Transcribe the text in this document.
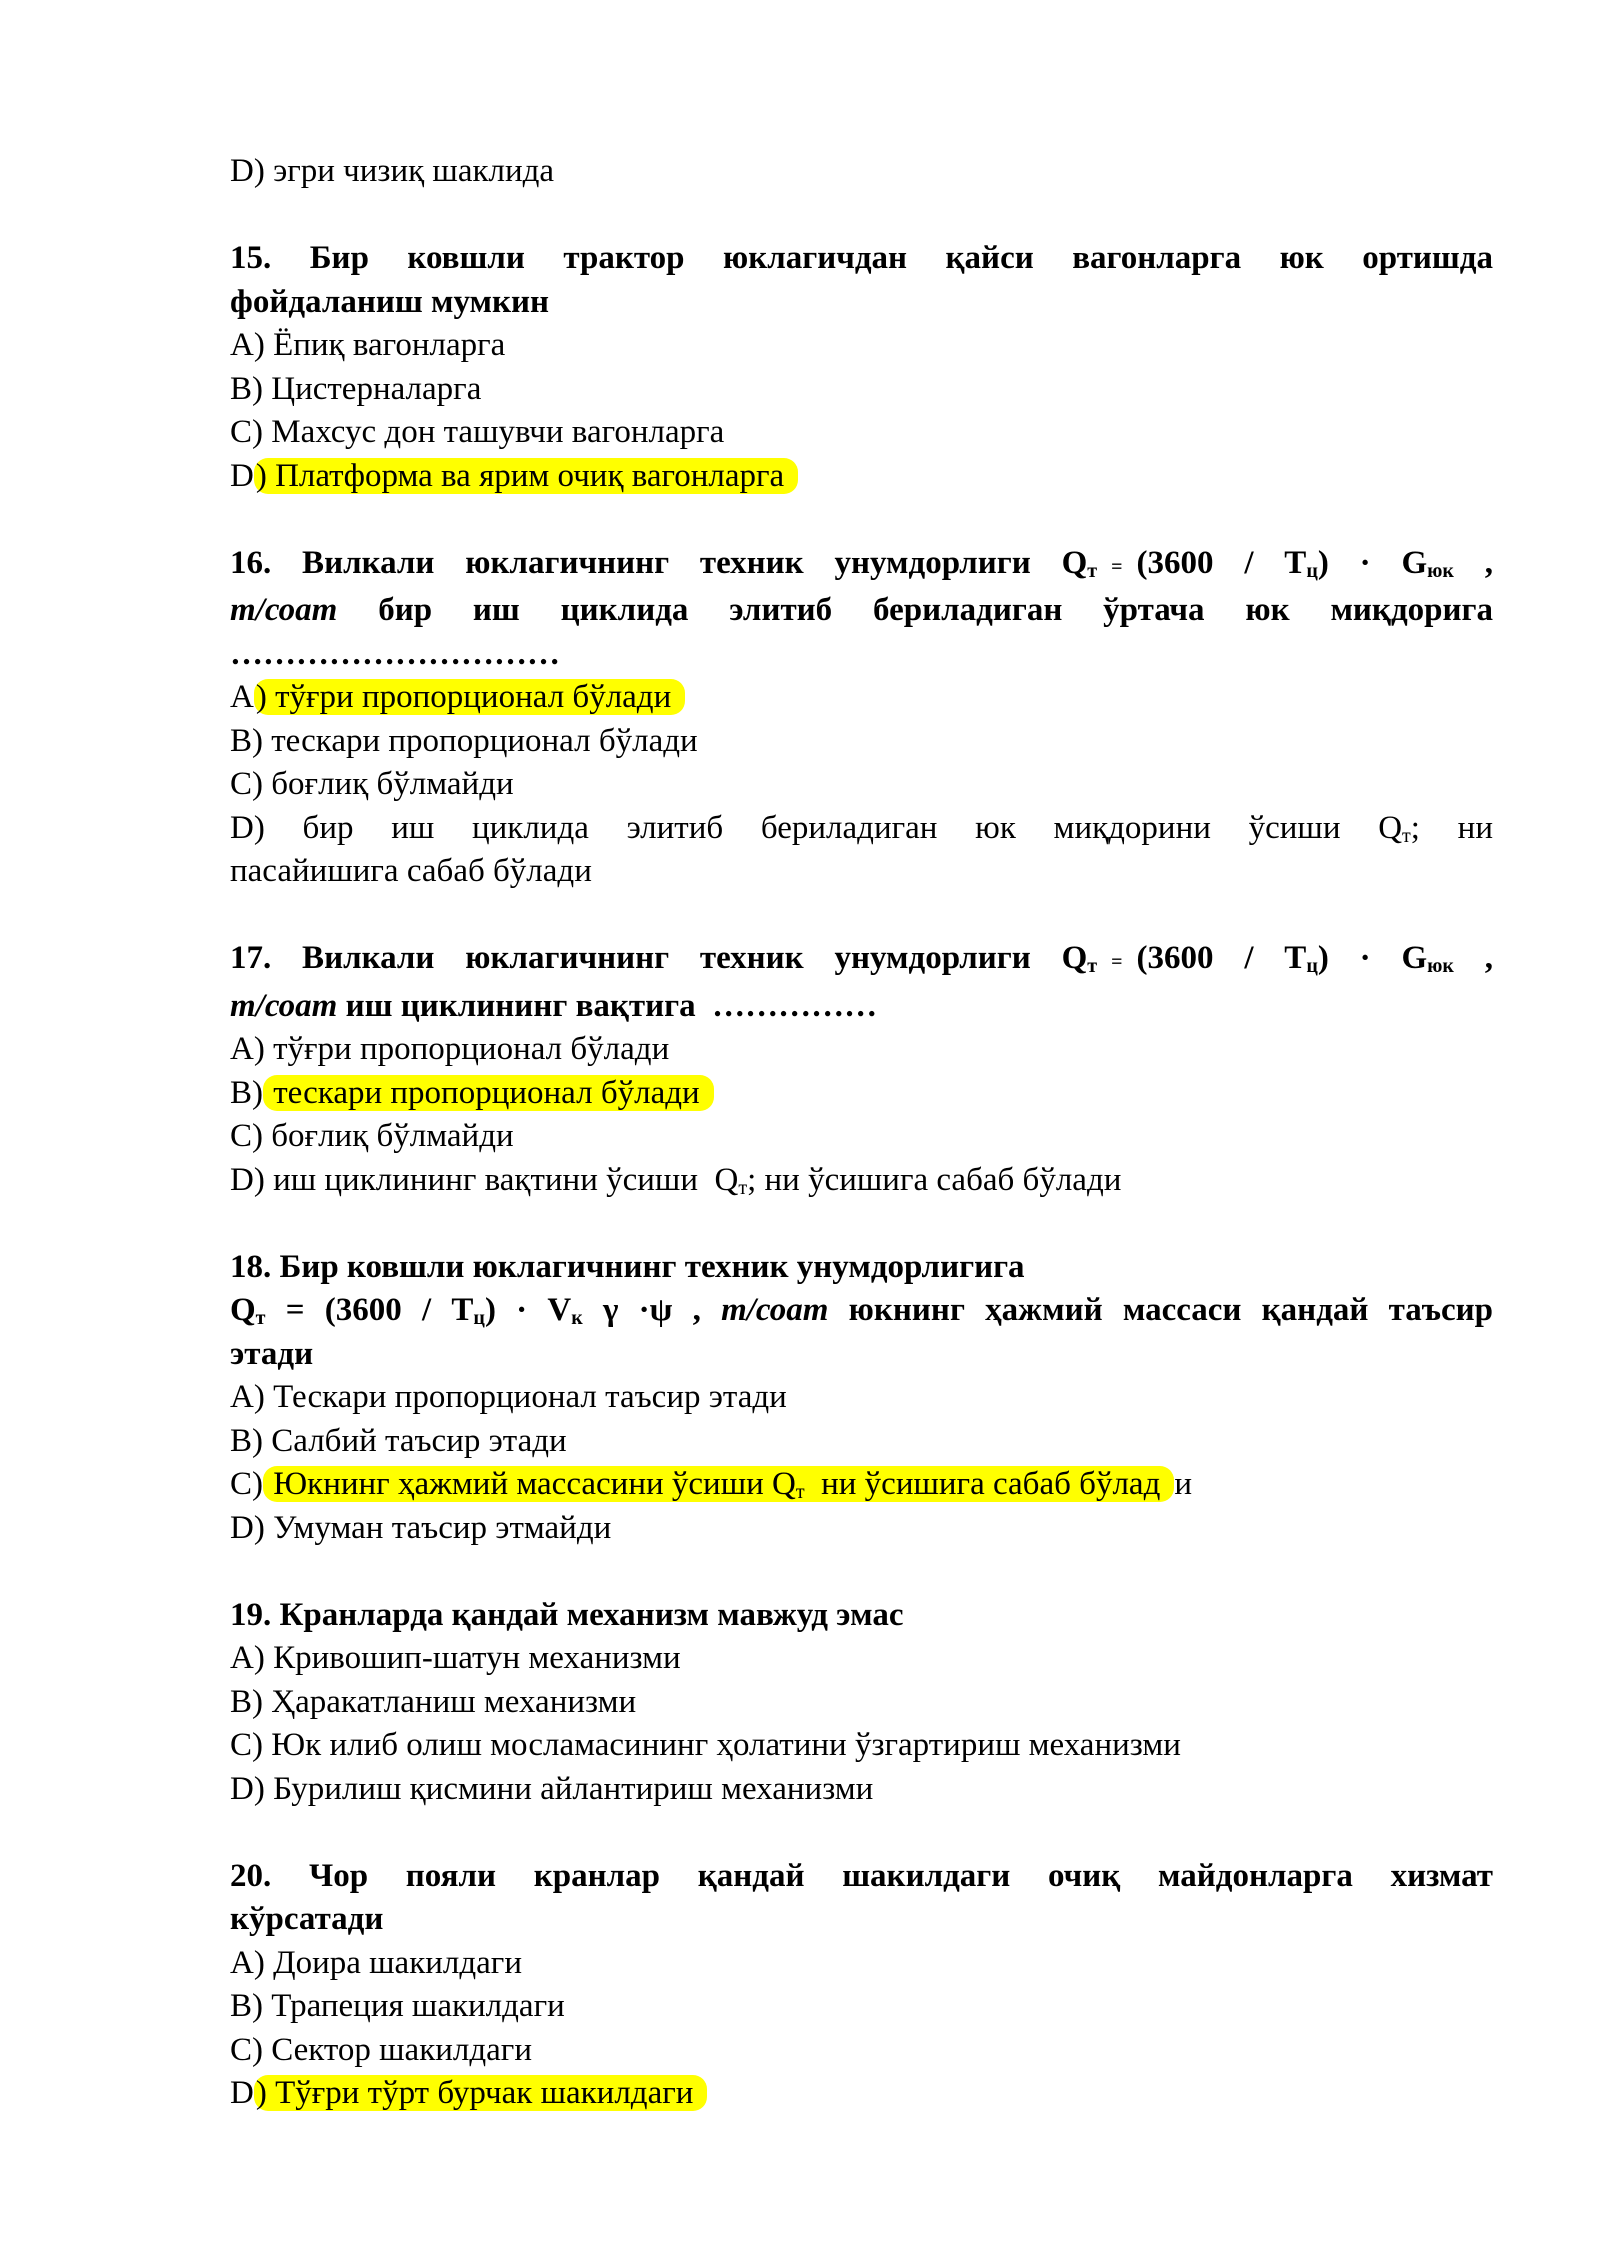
D) эгри чизиқ шаклида

15. Бир ковшли трактор юклагичдан қайси вагонларга юк ортишда

фойдаланиш мумкин

А) Ёпиқ вагонларга

В) Цистерналарга

С) Махсус дон ташувчи вагонларга

D) Платформа ва ярим очиқ вагонларга

16. Вилкали юклагичнинг техник унумдорлиги $Q_т = (3600 / Т_ц) \cdot G_{юк}$ ,

т/соат бир иш циклида элитиб бериладиган ўртача юк миқдорига

…………………………

А) тўғри пропорционал бўлади

В) тескари пропорционал бўлади

С) боғлиқ бўлмайди

D) бир иш циклида элитиб бериладиган юк миқдорини ўсиши $Q_т$; ни

пасайишига сабаб бўлади

17. Вилкали юклагичнинг техник унумдорлиги $Q_т = (3600 / Т_ц) \cdot G_{юк}$ ,

т/соат иш циклининг вақтига  ……………

А) тўғри пропорционал бўлади

В) тескари пропорционал бўлади

С) боғлиқ бўлмайди

D) иш циклининг вақтини ўсиши  $Q_т$; ни ўсишига сабаб бўлади

18. Бир ковшли юклагичнинг техник унумдорлигига

$Q_т = (3600 / Т_ц) \cdot V_к$ γ ·ψ , т/соат юкнинг ҳажмий массаси қандай таъсир

этади

А) Тескари пропорционал таъсир этади

В) Салбий таъсир этади

С) Юкнинг ҳажмий массасини ўсиши $Q_т$  ни ўсишига сабаб бўлад и

D) Умуман таъсир этмайди

19. Кранларда қандай механизм мавжуд эмас

А) Кривошип-шатун механизми

В) Ҳаракатланиш механизми

С) Юк илиб олиш мосламасининг ҳолатини ўзгартириш механизми

D) Бурилиш қисмини айлантириш механизми

20. Чор пояли кранлар қандай шакилдаги очиқ майдонларга хизмат

кўрсатади

А) Доира шакилдаги

В) Трапеция шакилдаги

С) Сектор шакилдаги

D) Тўғри тўрт бурчак шакилдаги
